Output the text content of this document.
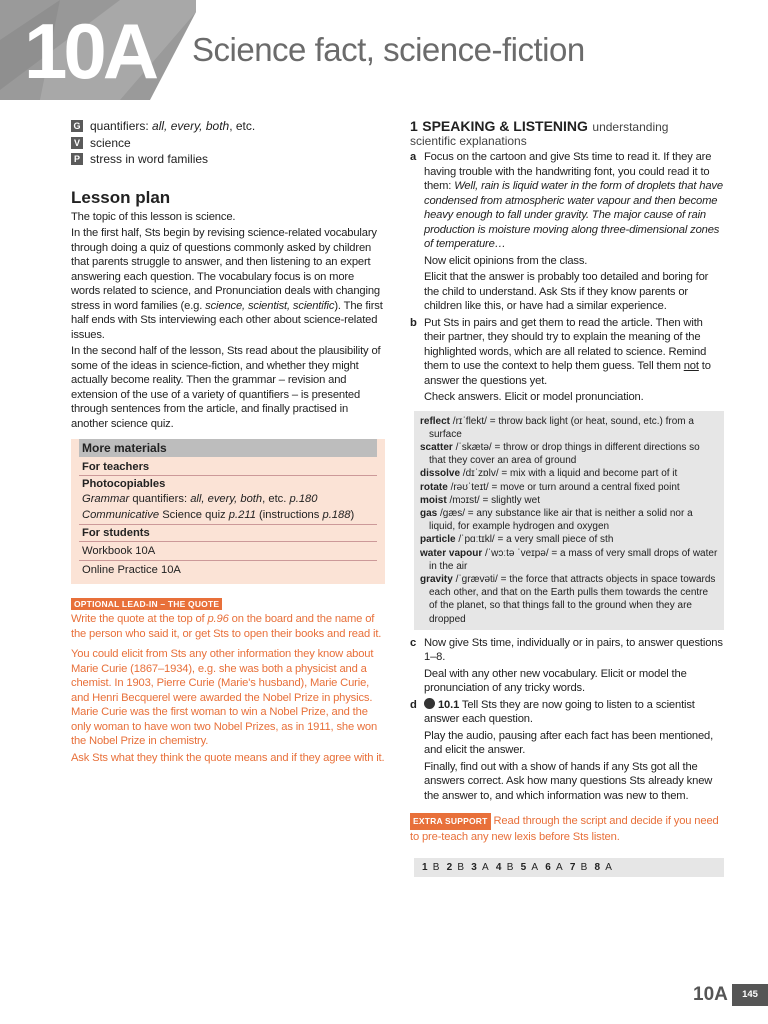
10A Science fact, science-fiction
G quantifiers: all, every, both, etc.
V science
P stress in word families
Lesson plan

The topic of this lesson is science.

In the first half, Sts begin by revising science-related vocabulary through doing a quiz of questions commonly asked by children that parents struggle to answer, and then listening to an expert answering each question. The vocabulary focus is on more words related to science, and Pronunciation deals with changing stress in word families (e.g. science, scientist, scientific). The first half ends with Sts interviewing each other about science-related issues.

In the second half of the lesson, Sts read about the plausibility of some of the ideas in science-fiction, and whether they might actually become reality. Then the grammar – revision and extension of the use of a variety of quantifiers – is presented through sentences from the article, and finally practised in another science quiz.

More materials
For teachers
Photocopiables
Grammar quantifiers: all, every, both, etc. p.180
Communicative Science quiz p.211 (instructions p.188)
For students
Workbook 10A
Online Practice 10A
OPTIONAL LEAD-IN – THE QUOTE

Write the quote at the top of p.96 on the board and the name of the person who said it, or get Sts to open their books and read it.

You could elicit from Sts any other information they know about Marie Curie (1867–1934), e.g. she was both a physicist and a chemist. In 1903, Pierre Curie (Marie's husband), Marie Curie, and Henri Becquerel were awarded the Nobel Prize in physics. Marie Curie was the first woman to win a Nobel Prize, and the only woman to have won two Nobel Prizes, as in 1911, she won the Nobel Prize in chemistry.

Ask Sts what they think the quote means and if they agree with it.

1 SPEAKING & LISTENING understanding
scientific explanations
a Focus on the cartoon and give Sts time to read it. If they are having trouble with the handwriting font, you could read it to them: Well, rain is liquid water in the form of droplets that have condensed from atmospheric water vapour and then become heavy enough to fall under gravity. The major cause of rain production is moisture moving along three-dimensional zones of temperature…
Now elicit opinions from the class.
Elicit that the answer is probably too detailed and boring for the child to understand. Ask Sts if they know parents or children like this, or have had a similar experience.
b Put Sts in pairs and get them to read the article. Then with their partner, they should try to explain the meaning of the highlighted words, which are all related to science. Remind them to use the context to help them guess. Tell them not to answer the questions yet.
Check answers. Elicit or model pronunciation.
reflect /rɪˈflekt/ = throw back light (or heat, sound, etc.) from a surface
scatter /ˈskætə/ = throw or drop things in different directions so that they cover an area of ground
dissolve /dɪˈzɒlv/ = mix with a liquid and become part of it
rotate /rəʊˈteɪt/ = move or turn around a central fixed point
moist /mɔɪst/ = slightly wet
gas /gæs/ = any substance like air that is neither a solid nor a liquid, for example hydrogen and oxygen
particle /ˈpɑːtɪkl/ = a very small piece of sth
water vapour /ˈwɔːtə ˈveɪpə/ = a mass of very small drops of water in the air
gravity /ˈgrævəti/ = the force that attracts objects in space towards each other, and that on the Earth pulls them towards the centre of the planet, so that things fall to the ground when they are dropped
c Now give Sts time, individually or in pairs, to answer questions 1–8.
Deal with any other new vocabulary. Elicit or model the pronunciation of any tricky words.
d	10.1 Tell Sts they are now going to listen to a scientist answer each question.
Play the audio, pausing after each fact has been mentioned, and elicit the answer.
Finally, find out with a show of hands if any Sts got all the answers correct. Ask how many questions Sts already knew the answer to, and which information was new to them.
EXTRA SUPPORT Read through the script and decide if you need to pre-teach any new lexis before Sts listen.
1 B 2 B 3 A 4 B 5 A 6 A 7 B 8 A
10A	145
